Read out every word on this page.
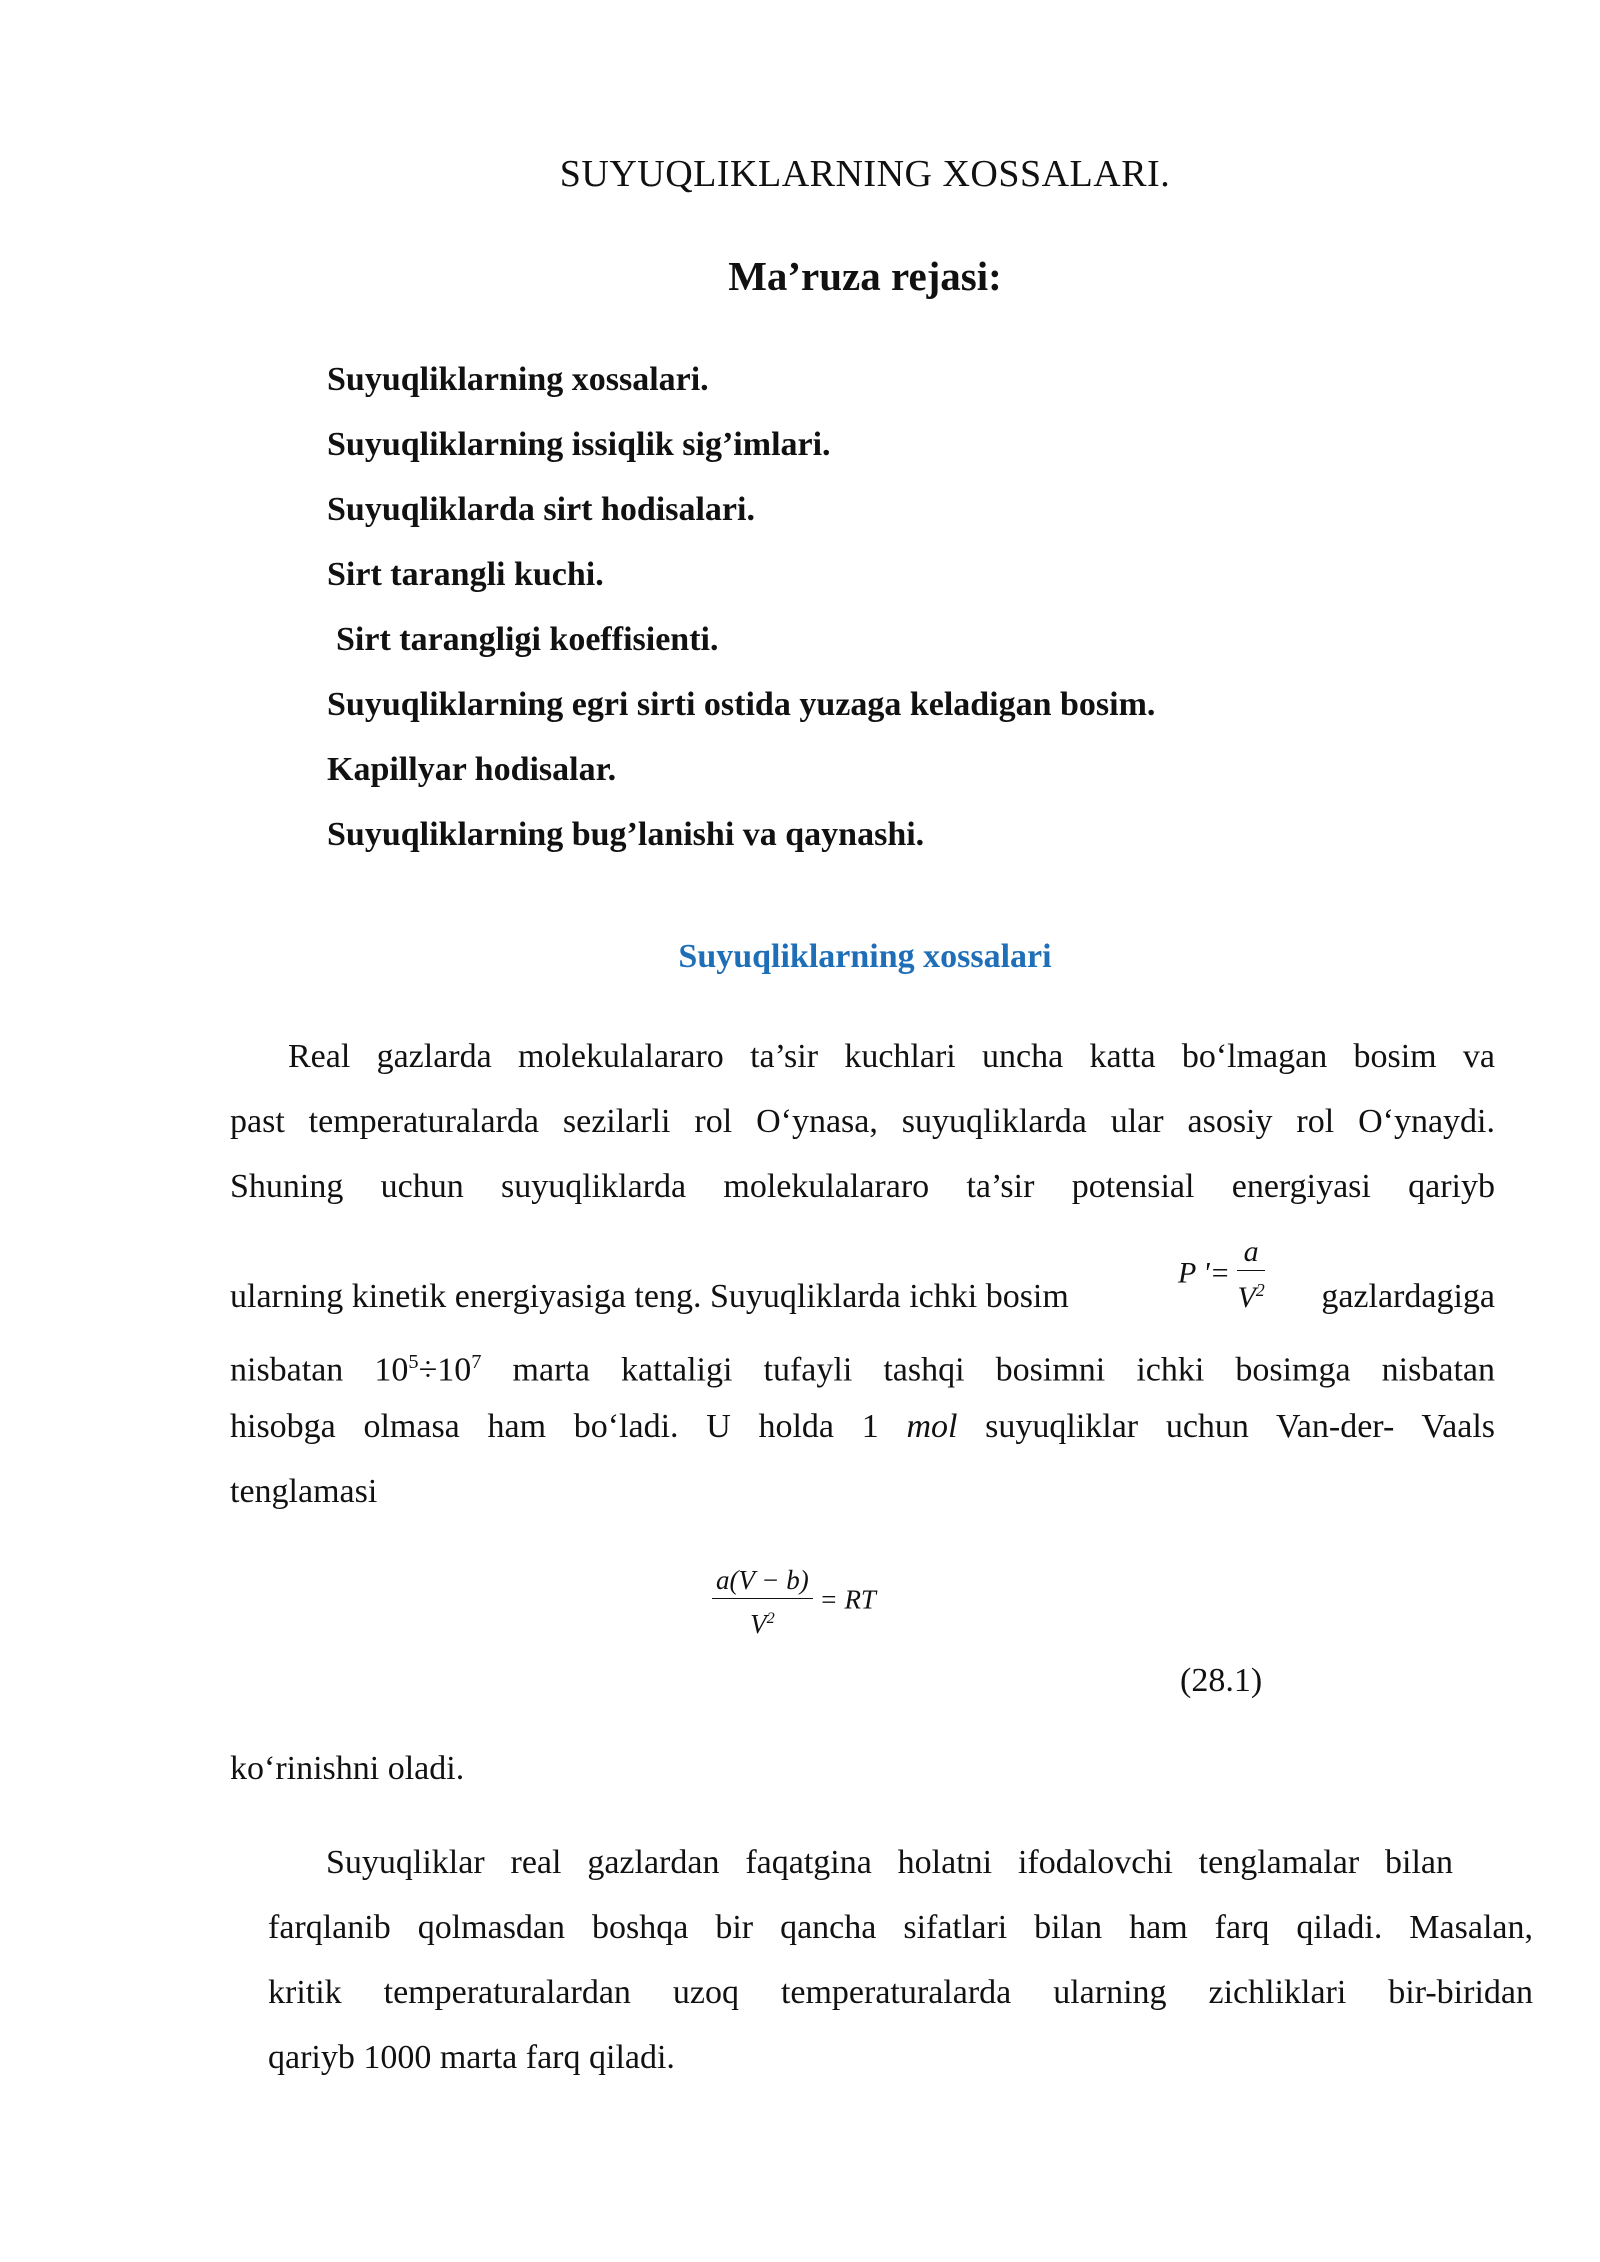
SUYUQLIKLARNING XOSSALARI.
Ma’ruza rejasi:
Suyuqliklarning xossalari.
Suyuqliklarning issiqlik sig’imlari.
Suyuqliklarda sirt hodisalari.
Sirt tarangli kuchi.
Sirt tarangligi koeffisienti.
Suyuqliklarning egri sirti ostida yuzaga keladigan bosim.
Kapillyar hodisalar.
Suyuqliklarning bug’lanishi va qaynashi.
Suyuqliklarning xossalari
Real gazlarda molekulalararo ta’sir kuchlari uncha katta bo‘lmagan bosim va
past temperaturalarda sezilarli rol O‘ynasa, suyuqliklarda ular asosiy rol O‘ynaydi.
Shuning uchun suyuqliklarda molekulalararo ta’sir potensial energiyasi qariyb
ularning kinetik energiyasiga teng. Suyuqliklarda ichki bosim	gazlardagiga
nisbatan $10^5\div 10^7$ marta kattaligi tufayli tashqi bosimni ichki bosimga nisbatan
hisobga olmasa ham bo‘ladi. U holda 1 mol suyuqliklar uchun Van-der- Vaals
tenglamasi
P '= $\frac{a}{V^2}$
$\frac{a(V - b)}{V^2}$ = RT
(28.1)
ko‘rinishni oladi.
Suyuqliklar real gazlardan faqatgina holatni ifodalovchi tenglamalar bilan
farqlanib qolmasdan boshqa bir qancha sifatlari bilan ham farq qiladi. Masalan,
kritik temperaturalardan uzoq temperaturalarda ularning zichliklari bir-biridan
qariyb 1000 marta farq qiladi.
